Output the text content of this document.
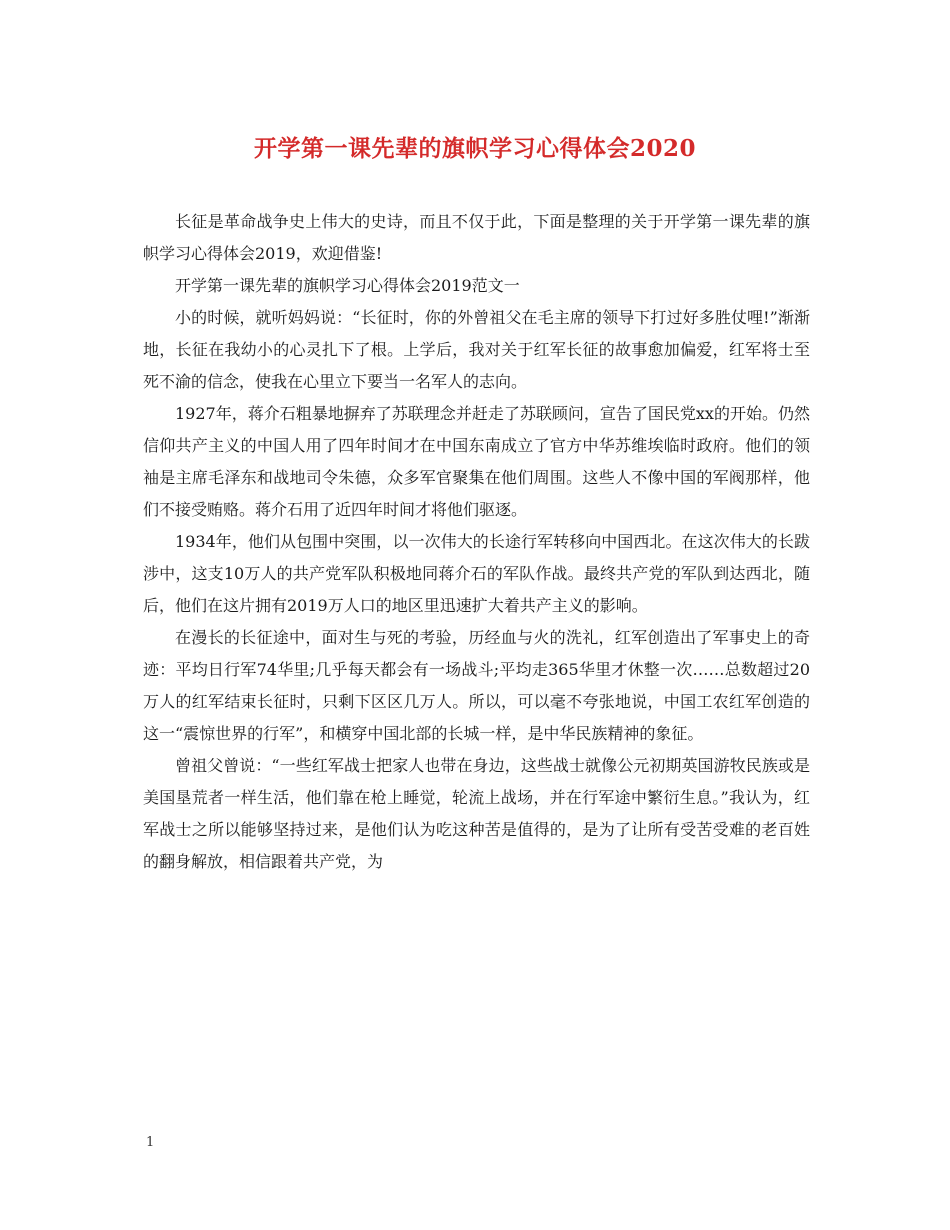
开学第一课先辈的旗帜学习心得体会2020

长征是革命战争史上伟大的史诗，而且不仅于此，下面是整理的关于开学第一课先辈的旗帜学习心得体会2019，欢迎借鉴!

开学第一课先辈的旗帜学习心得体会2019范文一

小的时候，就听妈妈说：“长征时，你的外曾祖父在毛主席的领导下打过好多胜仗哩!”渐渐地，长征在我幼小的心灵扎下了根。上学后，我对关于红军长征的故事愈加偏爱，红军将士至死不渝的信念，使我在心里立下要当一名军人的志向。

1927年，蒋介石粗暴地摒弃了苏联理念并赶走了苏联顾问，宣告了国民党xx的开始。仍然信仰共产主义的中国人用了四年时间才在中国东南成立了官方中华苏维埃临时政府。他们的领袖是主席毛泽东和战地司令朱德，众多军官聚集在他们周围。这些人不像中国的军阀那样，他们不接受贿赂。蒋介石用了近四年时间才将他们驱逐。

1934年，他们从包围中突围，以一次伟大的长途行军转移向中国西北。在这次伟大的长跋涉中，这支10万人的共产党军队积极地同蒋介石的军队作战。最终共产党的军队到达西北，随后，他们在这片拥有2019万人口的地区里迅速扩大着共产主义的影响。

在漫长的长征途中，面对生与死的考验，历经血与火的洗礼，红军创造出了军事史上的奇迹：平均日行军74华里;几乎每天都会有一场战斗;平均走365华里才休整一次……总数超过20万人的红军结束长征时，只剩下区区几万人。所以，可以毫不夸张地说，中国工农红军创造的这一“震惊世界的行军”，和横穿中国北部的长城一样，是中华民族精神的象征。

曾祖父曾说：“一些红军战士把家人也带在身边，这些战士就像公元初期英国游牧民族或是美国垦荒者一样生活，他们靠在枪上睡觉，轮流上战场，并在行军途中繁衍生息。”我认为，红军战士之所以能够坚持过来，是他们认为吃这种苦是值得的，是为了让所有受苦受难的老百姓的翻身解放，相信跟着共产党，为

1
